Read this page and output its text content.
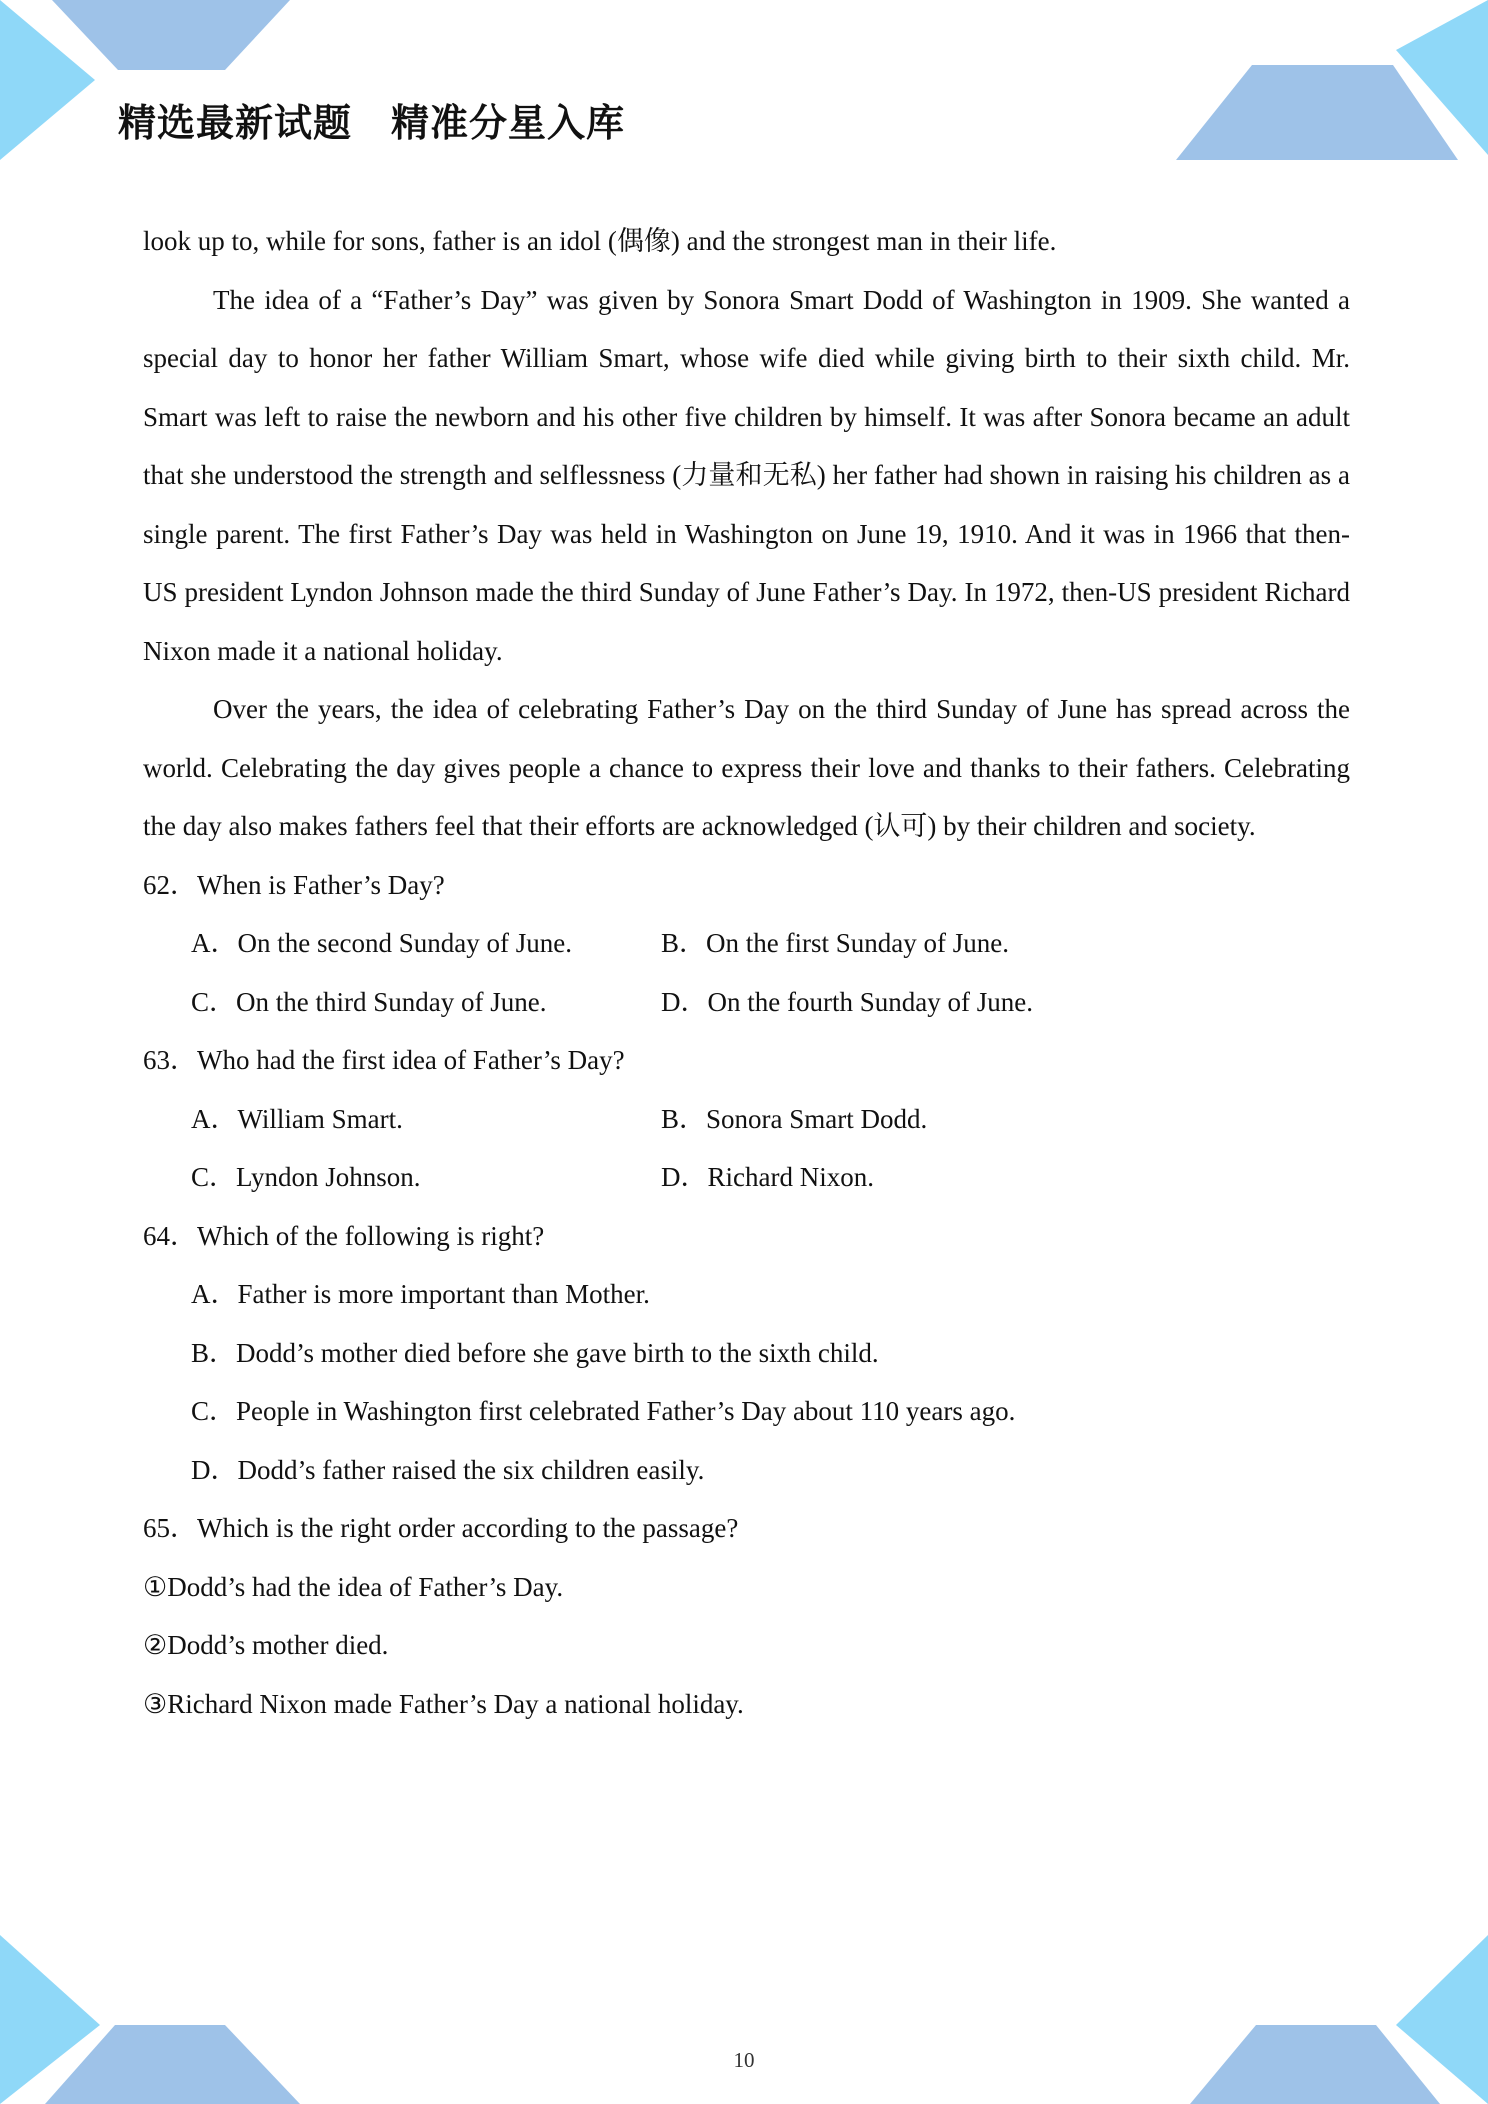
精选最新试题　精准分星入库

look up to, while for sons, father is an idol (偶像) and the strongest man in their life.

The idea of a “Father’s Day” was given by Sonora Smart Dodd of Washington in 1909. She wanted a special day to honor her father William Smart, whose wife died while giving birth to their sixth child. Mr. Smart was left to raise the newborn and his other five children by himself. It was after Sonora became an adult that she understood the strength and selflessness (力量和无私) her father had shown in raising his children as a single parent. The first Father’s Day was held in Washington on June 19, 1910. And it was in 1966 that then-US president Lyndon Johnson made the third Sunday of June Father’s Day. In 1972, then-US president Richard Nixon made it a national holiday.

Over the years, the idea of celebrating Father’s Day on the third Sunday of June has spread across the world. Celebrating the day gives people a chance to express their love and thanks to their fathers. Celebrating the day also makes fathers feel that their efforts are acknowledged (认可) by their children and society.

62．When is Father’s Day?

A．On the second Sunday of June.	B．On the first Sunday of June.
C．On the third Sunday of June.	D．On the fourth Sunday of June.

63．Who had the first idea of Father’s Day?

A．William Smart.	B．Sonora Smart Dodd.
C．Lyndon Johnson.	D．Richard Nixon.

64．Which of the following is right?

A．Father is more important than Mother.
B．Dodd’s mother died before she gave birth to the sixth child.
C．People in Washington first celebrated Father’s Day about 110 years ago.
D．Dodd’s father raised the six children easily.

65．Which is the right order according to the passage?

①Dodd’s had the idea of Father’s Day.

②Dodd’s mother died.

③Richard Nixon made Father’s Day a national holiday.

10
